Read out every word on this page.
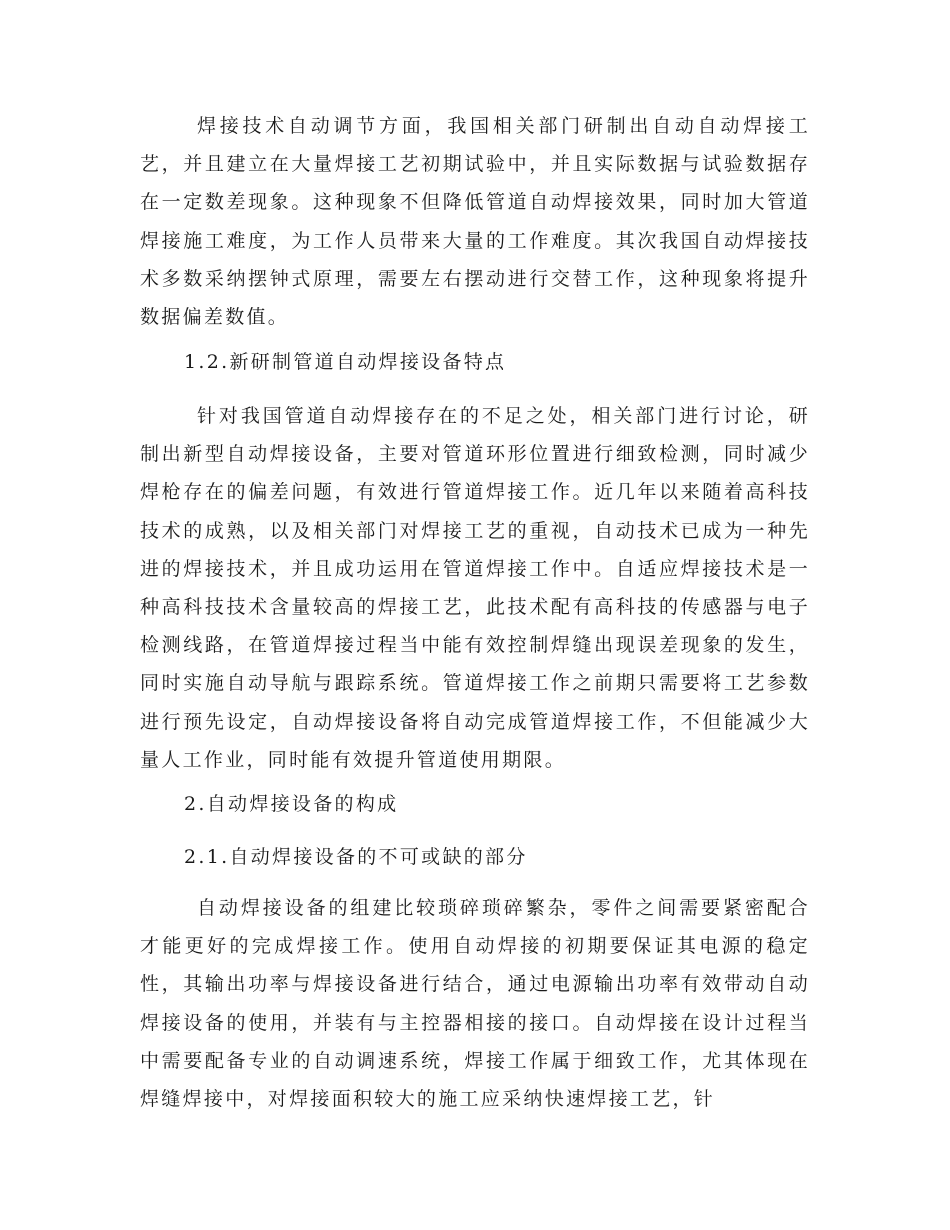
焊接技术自动调节方面，我国相关部门研制出自动自动焊接工艺，并且建立在大量焊接工艺初期试验中，并且实际数据与试验数据存在一定数差现象。这种现象不但降低管道自动焊接效果，同时加大管道焊接施工难度，为工作人员带来大量的工作难度。其次我国自动焊接技术多数采纳摆钟式原理，需要左右摆动进行交替工作，这种现象将提升数据偏差数值。

1.2.新研制管道自动焊接设备特点

针对我国管道自动焊接存在的不足之处，相关部门进行讨论，研制出新型自动焊接设备，主要对管道环形位置进行细致检测，同时减少焊枪存在的偏差问题，有效进行管道焊接工作。近几年以来随着高科技技术的成熟，以及相关部门对焊接工艺的重视，自动技术已成为一种先进的焊接技术，并且成功运用在管道焊接工作中。自适应焊接技术是一种高科技技术含量较高的焊接工艺，此技术配有高科技的传感器与电子检测线路，在管道焊接过程当中能有效控制焊缝出现误差现象的发生，同时实施自动导航与跟踪系统。管道焊接工作之前期只需要将工艺参数进行预先设定，自动焊接设备将自动完成管道焊接工作，不但能减少大量人工作业，同时能有效提升管道使用期限。

2.自动焊接设备的构成

2.1.自动焊接设备的不可或缺的部分

自动焊接设备的组建比较琐碎琐碎繁杂，零件之间需要紧密配合才能更好的完成焊接工作。使用自动焊接的初期要保证其电源的稳定性，其输出功率与焊接设备进行结合，通过电源输出功率有效带动自动焊接设备的使用，并装有与主控器相接的接口。自动焊接在设计过程当中需要配备专业的自动调速系统，焊接工作属于细致工作，尤其体现在焊缝焊接中，对焊接面积较大的施工应采纳快速焊接工艺，针
